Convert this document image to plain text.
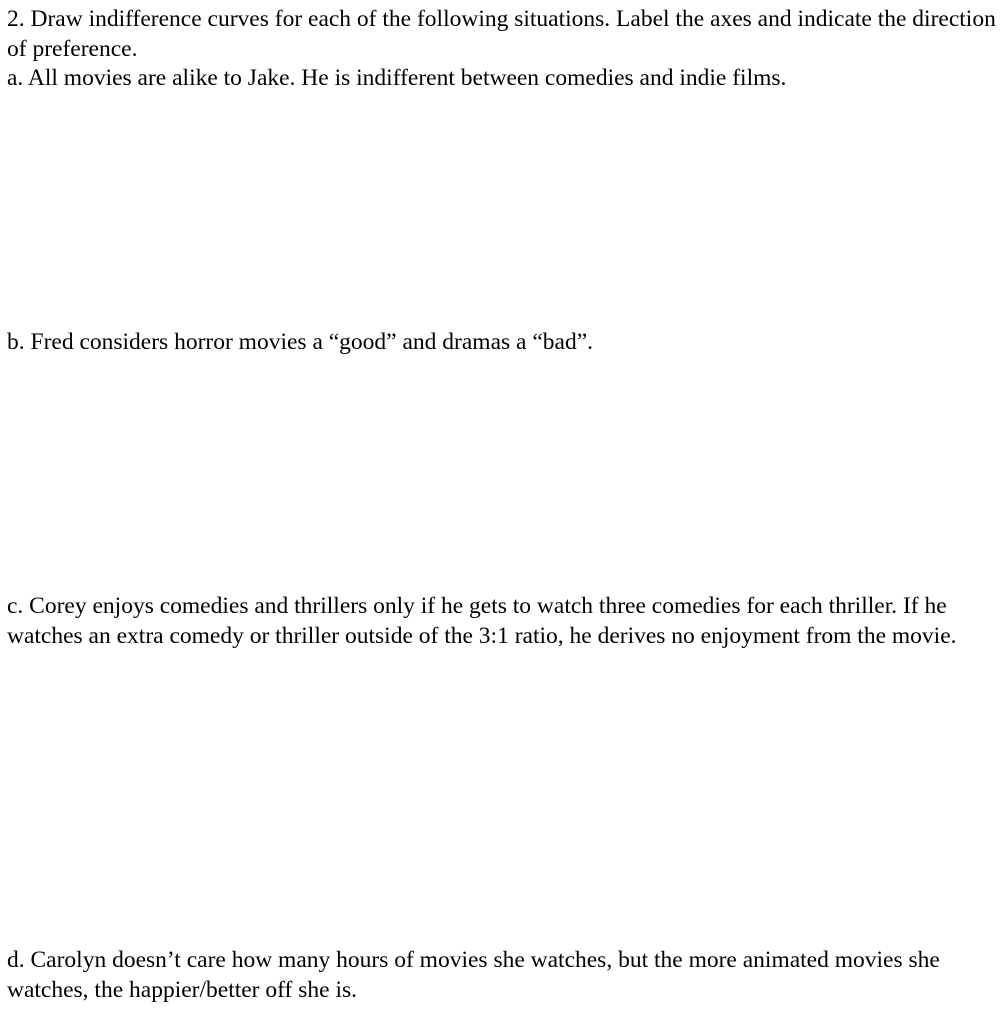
2. Draw indifference curves for each of the following situations. Label the axes and indicate the direction of preference.

a. All movies are alike to Jake. He is indifferent between comedies and indie films.

b. Fred considers horror movies a “good” and dramas a “bad”.

c. Corey enjoys comedies and thrillers only if he gets to watch three comedies for each thriller. If he watches an extra comedy or thriller outside of the 3:1 ratio, he derives no enjoyment from the movie.

d. Carolyn doesn’t care how many hours of movies she watches, but the more animated movies she watches, the happier/better off she is.
